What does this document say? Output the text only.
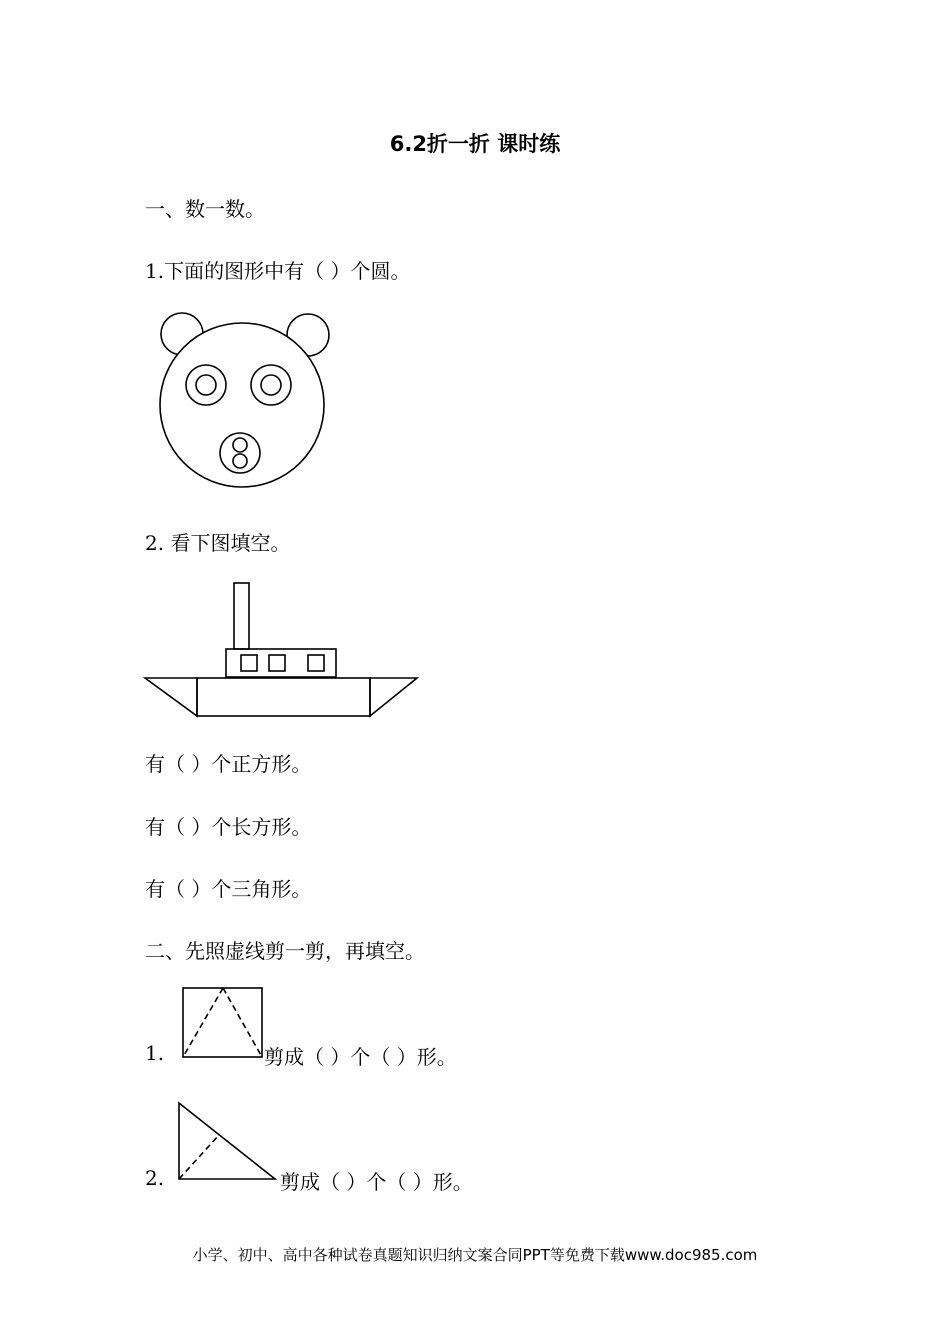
6.2折一折 课时练
一、数一数。
1.下面的图形中有（ ）个圆。
2. 看下图填空。
有（ ）个正方形。
有（ ）个长方形。
有（ ）个三角形。
二、先照虚线剪一剪，再填空。
1.	剪成（ ）个（ ）形。
2.	剪成（ ）个（ ）形。
小学、初中、高中各种试卷真题知识归纳文案合同PPT等免费下载www.doc985.com
